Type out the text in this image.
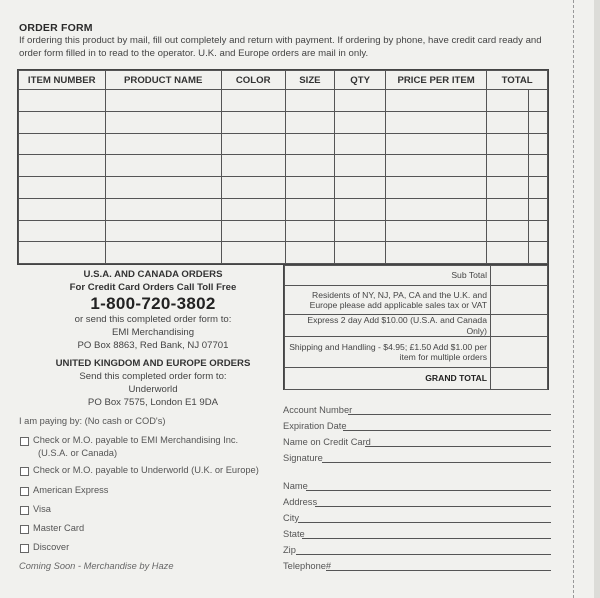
ORDER FORM
If ordering this product by mail, fill out completely and return with payment. If ordering by phone, have credit card ready and order form filled in to read to the operator. U.K. and Europe orders are mail in only.
ITEM NUMBER	PRODUCT NAME	COLOR	SIZE	QTY	PRICE PER ITEM	TOTAL	

Sub Total	
Residents of NY, NJ, PA, CA and the U.K. and Europe please add applicable sales tax or VAT	
Express 2 day Add $10.00 (U.S.A. and Canada Only)	
Shipping and Handling - $4.95; £1.50 Add $1.00 per item for multiple orders	
GRAND TOTAL	
U.S.A. AND CANADA ORDERS
For Credit Card Orders Call Toll Free
1-800-720-3802
or send this completed order form to:
EMI Merchandising
PO Box 8863, Red Bank, NJ 07701
UNITED KINGDOM AND EUROPE ORDERS
Send this completed order form to:
Underworld
PO Box 7575, London E1 9DA
I am paying by: (No cash or COD's)
Check or M.O. payable to EMI Merchandising Inc.
(U.S.A. or Canada)
Check or M.O. payable to Underworld (U.K. or Europe)
American Express
Visa
Master Card
Discover
Coming Soon - Merchandise by Haze
Account Number
Expiration Date
Name on Credit Card
Signature
Name
Address
City
State
Zip
Telephone#
